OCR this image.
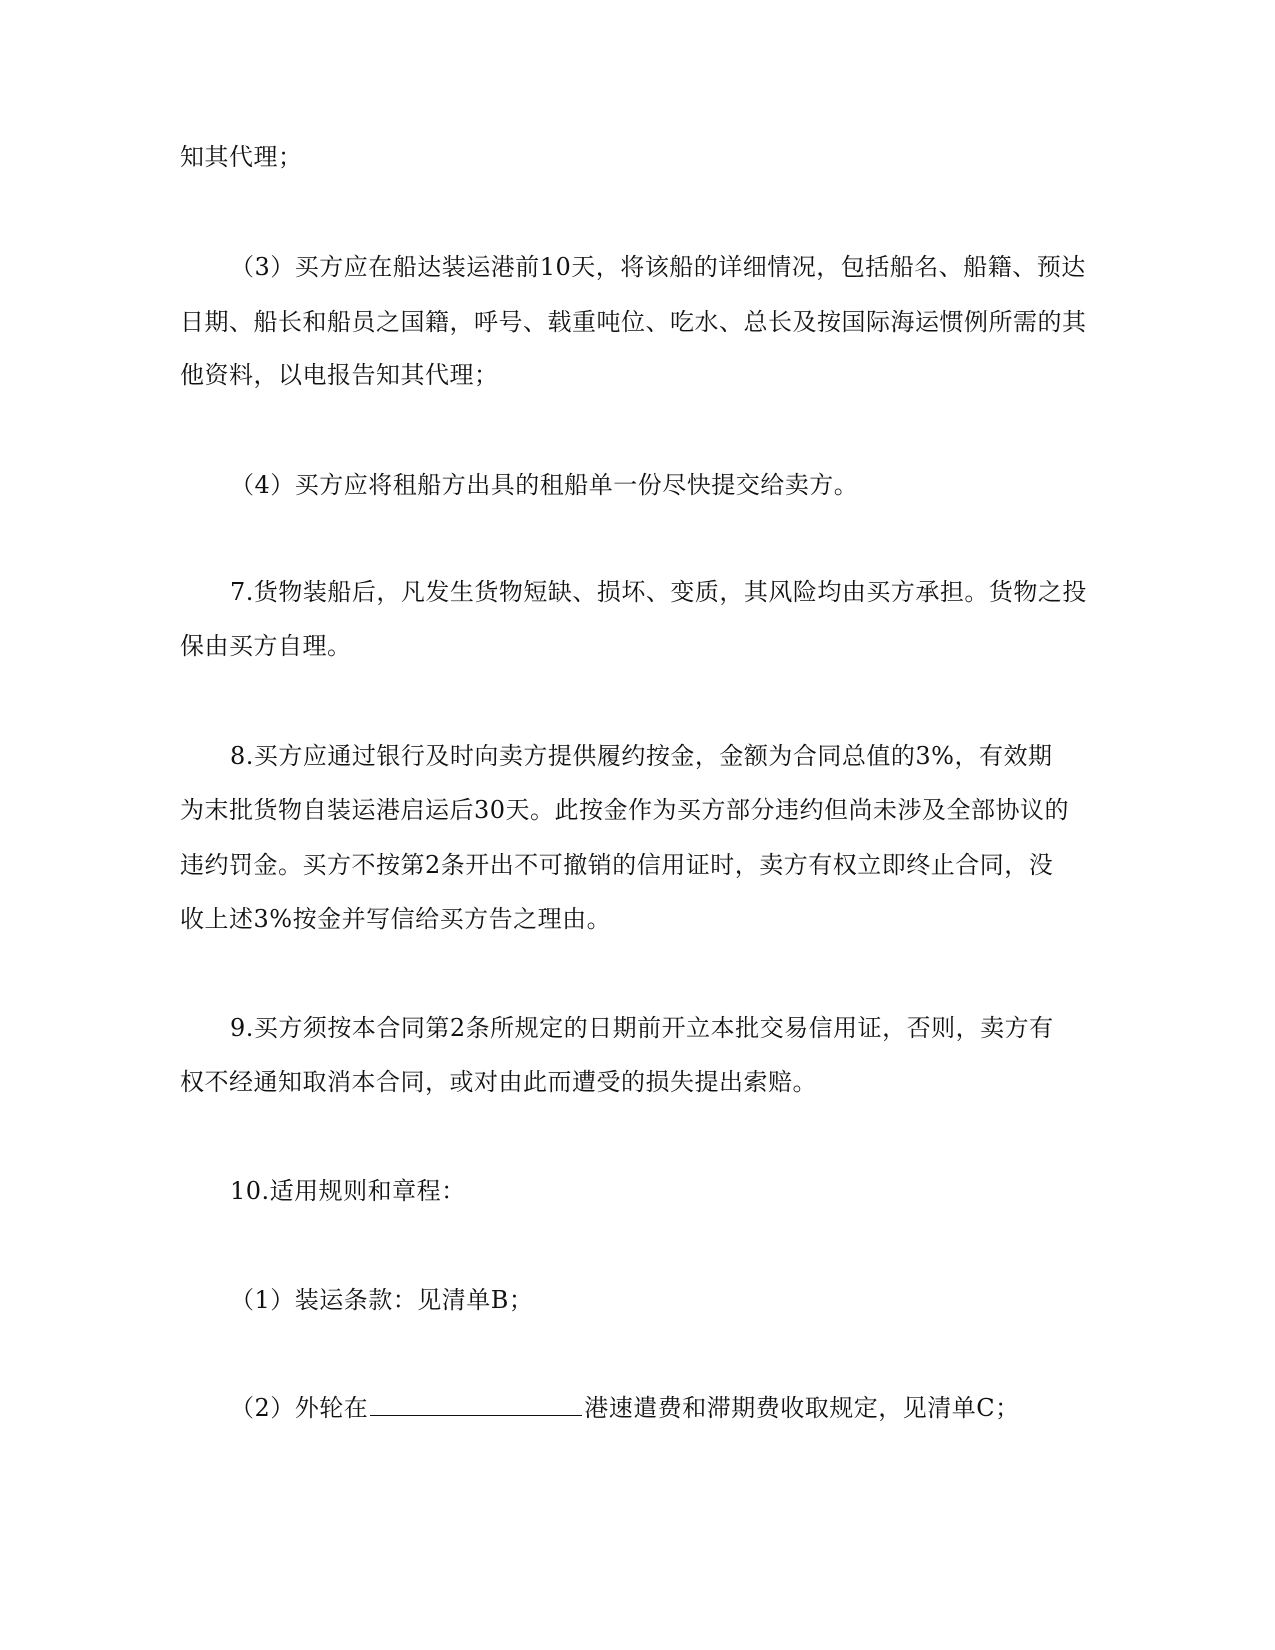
知其代理；
（3）买方应在船达装运港前10天，将该船的详细情况，包括船名、船籍、预达
日期、船长和船员之国籍，呼号、载重吨位、吃水、总长及按国际海运惯例所需的其
他资料，以电报告知其代理；
（4）买方应将租船方出具的租船单一份尽快提交给卖方。
7.货物装船后，凡发生货物短缺、损坏、变质，其风险均由买方承担。货物之投
保由买方自理。
8.买方应通过银行及时向卖方提供履约按金，金额为合同总值的3%，有效期
为末批货物自装运港启运后30天。此按金作为买方部分违约但尚未涉及全部协议的
违约罚金。买方不按第2条开出不可撤销的信用证时，卖方有权立即终止合同，没
收上述3%按金并写信给买方告之理由。
9.买方须按本合同第2条所规定的日期前开立本批交易信用证，否则，卖方有
权不经通知取消本合同，或对由此而遭受的损失提出索赔。
10.适用规则和章程：
（1）装运条款：见清单B；
（2）外轮在	港速遣费和滞期费收取规定，见清单C；
